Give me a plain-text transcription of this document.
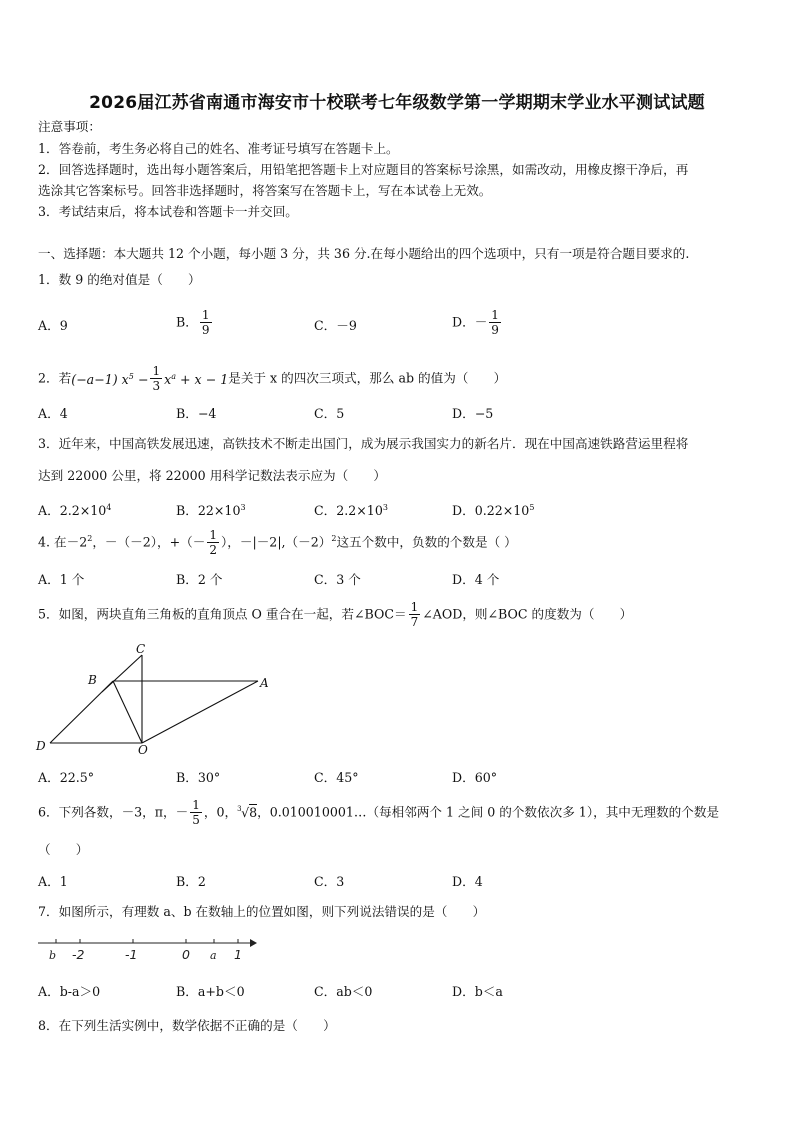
2026届江苏省南通市海安市十校联考七年级数学第一学期期末学业水平测试试题
注意事项：
1．答卷前，考生务必将自己的姓名、准考证号填写在答题卡上。
2．回答选择题时，选出每小题答案后，用铅笔把答题卡上对应题目的答案标号涂黑，如需改动，用橡皮擦干净后，再
选涂其它答案标号。回答非选择题时，将答案写在答题卡上，写在本试卷上无效。
3．考试结束后，将本试卷和答题卡一并交回。
一、选择题：本大题共 12 个小题，每小题 3 分，共 36 分.在每小题给出的四个选项中，只有一项是符合题目要求的.
1．数 9 的绝对值是（　　）
A．9	B． $\frac{1}{9}$	C．－9	D．－ $\frac{1}{9}$
2．若(−a−1) $x^5 - \frac{1}{3} x^a + x - 1$是关于 x 的四次三项式，那么 ab 的值为（　　）
A．4	B．−4	C．5	D．−5
3．近年来，中国高铁发展迅速，高铁技术不断走出国门，成为展示我国实力的新名片．现在中国高速铁路营运里程将
达到 22000 公里，将 22000 用科学记数法表示应为（　　）
A．$2.2\times 10^4$	B．$22\times 10^3$	C．$2.2\times 10^3$	D．$0.22\times 10^5$
4. 在$-2^2$，－（－2），+（－ $\frac{1}{2}$ ），$-|-2|,(-2)^2$这五个数中，负数的个数是（ ）
A．1 个	B．2 个	C．3 个	D．4 个
5．如图，两块直角三角板的直角顶点 O 重合在一起，若∠BOC＝ $\frac{1}{7}$ ∠AOD，则∠BOC 的度数为（　　）
C
B	A
D	O
A．22.5°	B．30°	C．45°	D．60°
6．下列各数，－3，π，－ $\frac{1}{5}$ ，0， 3 √8，0.010010001…（每相邻两个 1 之间 0 的个数依次多 1），其中无理数的个数是
（　　）
A．1	B．2	C．3	D．4
7．如图所示，有理数 a、b 在数轴上的位置如图，则下列说法错误的是（　　）
b -2	-1	0 a 1
A．b-a＞0	B．a+b＜0	C．ab＜0	D．b＜a
8．在下列生活实例中，数学依据不正确的是（　　）
